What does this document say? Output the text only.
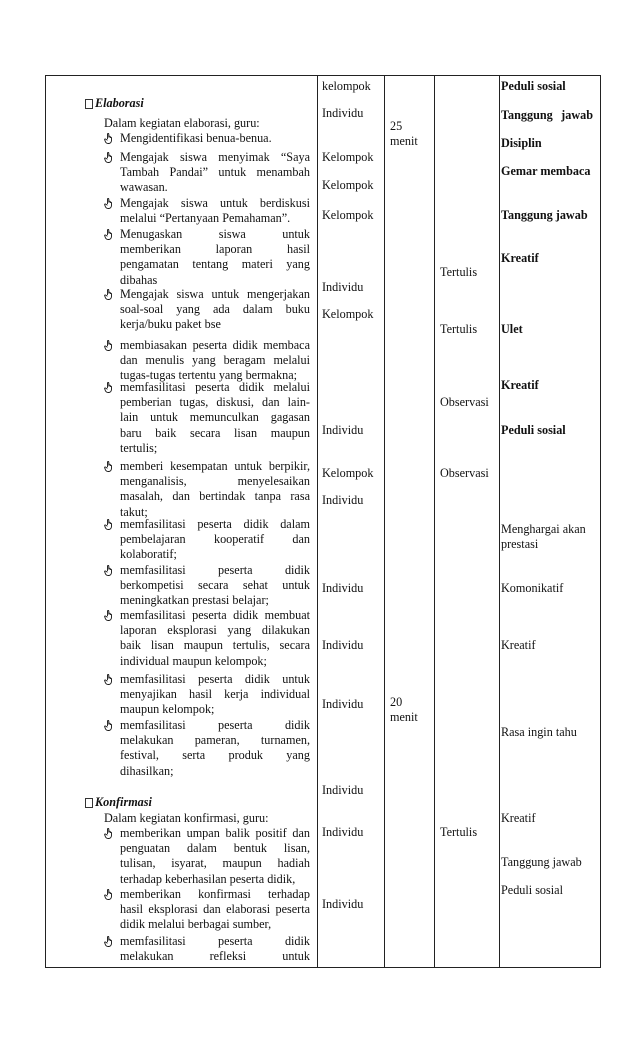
25
menit
20
menit
Elaborasi
Dalam kegiatan elaborasi, guru:
Mengidentifikasi benua-benua.
Mengajak siswa menyimak “Saya
Tambah Pandai” untuk menambah
wawasan.
Mengajak siswa untuk berdiskusi
melalui “Pertanyaan Pemahaman”.
Menugaskan siswa untuk
memberikan laporan hasil
pengamatan tentang materi yang
dibahas
Mengajak siswa untuk mengerjakan
soal-soal yang ada dalam buku
kerja/buku paket bse
membiasakan peserta didik membaca
dan menulis yang beragam melalui
tugas-tugas tertentu yang bermakna;
memfasilitasi peserta didik melalui
pemberian tugas, diskusi, dan lain-
lain untuk memunculkan gagasan
baru baik secara lisan maupun
tertulis;
memberi kesempatan untuk berpikir,
menganalisis, menyelesaikan
masalah, dan bertindak tanpa rasa
takut;
memfasilitasi peserta didik dalam
pembelajaran kooperatif dan
kolaboratif;
memfasilitasi peserta didik
berkompetisi secara sehat untuk
meningkatkan prestasi belajar;
memfasilitasi peserta didik membuat
laporan eksplorasi yang dilakukan
baik lisan maupun tertulis, secara
individual maupun kelompok;
memfasilitasi peserta didik untuk
menyajikan hasil kerja individual
maupun kelompok;
memfasilitasi peserta didik
melakukan pameran, turnamen,
festival, serta produk yang
dihasilkan;
Konfirmasi
Dalam kegiatan konfirmasi, guru:
memberikan umpan balik positif dan
penguatan dalam bentuk lisan,
tulisan, isyarat, maupun hadiah
terhadap keberhasilan peserta didik,
memberikan konfirmasi terhadap
hasil eksplorasi dan elaborasi peserta
didik melalui berbagai sumber,
memfasilitasi peserta didik
melakukan refleksi untuk
kelompok
Individu
Kelompok
Kelompok
Kelompok
Individu
Kelompok
Individu
Kelompok
Individu
Individu
Individu
Individu
Individu
Individu
Individu
Tertulis
Tertulis
Observasi
Observasi
Tertulis
Peduli sosial
Tanggung jawab
Disiplin
Gemar membaca
Tanggung jawab
Kreatif
Ulet
Kreatif
Peduli sosial
Menghargai akan
prestasi
Komonikatif
Kreatif
Rasa ingin tahu
Kreatif
Tanggung jawab
Peduli sosial
